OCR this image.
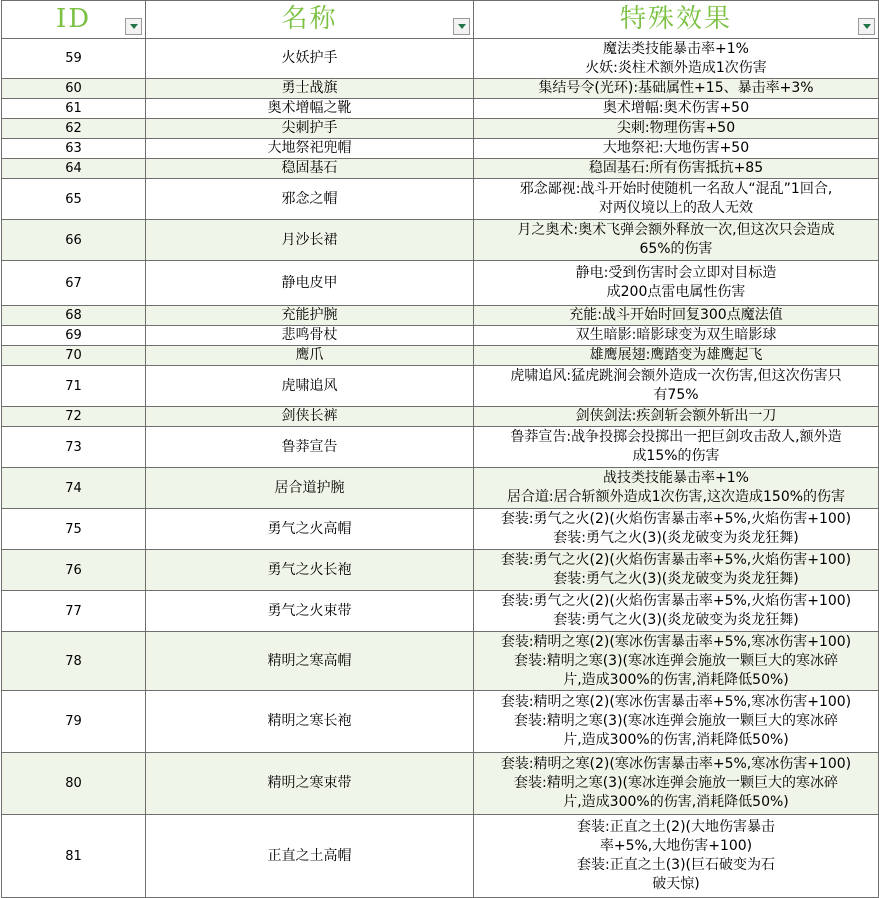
ID	名称	特殊效果

59	火妖护手	魔法类技能暴击率+1%
火妖:炎柱术额外造成1次伤害

60	勇士战旗	集结号令(光环):基础属性+15、暴击率+3%

61	奥术增幅之靴	奥术增幅:奥术伤害+50

62	尖刺护手	尖刺:物理伤害+50

63	大地祭祀兜帽	大地祭祀:大地伤害+50

64	稳固基石	稳固基石:所有伤害抵抗+85

65	邪念之帽	邪念鄙视:战斗开始时使随机一名敌人“混乱”1回合,
对两仪境以上的敌人无效

66	月沙长裙	月之奥术:奥术飞弹会额外释放一次,但这次只会造成
65%的伤害

67	静电皮甲	静电:受到伤害时会立即对目标造
成200点雷电属性伤害

68	充能护腕	充能:战斗开始时回复300点魔法值

69	悲鸣骨杖	双生暗影:暗影球变为双生暗影球

70	鹰爪	雄鹰展翅:鹰踏变为雄鹰起飞

71	虎啸追风	虎啸追风:猛虎跳涧会额外造成一次伤害,但这次伤害只
有75%

72	剑侠长裤	剑侠剑法:疾剑斩会额外斩出一刀

73	鲁莽宣告	鲁莽宣告:战争投掷会投掷出一把巨剑攻击敌人,额外造
成15%的伤害

74	居合道护腕	战技类技能暴击率+1%
居合道:居合斩额外造成1次伤害,这次造成150%的伤害

75	勇气之火高帽	套装:勇气之火(2)(火焰伤害暴击率+5%,火焰伤害+100)
套装:勇气之火(3)(炎龙破变为炎龙狂舞)

76	勇气之火长袍	套装:勇气之火(2)(火焰伤害暴击率+5%,火焰伤害+100)
套装:勇气之火(3)(炎龙破变为炎龙狂舞)

77	勇气之火束带	套装:勇气之火(2)(火焰伤害暴击率+5%,火焰伤害+100)
套装:勇气之火(3)(炎龙破变为炎龙狂舞)

78	精明之寒高帽	套装:精明之寒(2)(寒冰伤害暴击率+5%,寒冰伤害+100)
套装:精明之寒(3)(寒冰连弹会施放一颗巨大的寒冰碎
片,造成300%的伤害,消耗降低50%)

79	精明之寒长袍	套装:精明之寒(2)(寒冰伤害暴击率+5%,寒冰伤害+100)
套装:精明之寒(3)(寒冰连弹会施放一颗巨大的寒冰碎
片,造成300%的伤害,消耗降低50%)

80	精明之寒束带	套装:精明之寒(2)(寒冰伤害暴击率+5%,寒冰伤害+100)
套装:精明之寒(3)(寒冰连弹会施放一颗巨大的寒冰碎
片,造成300%的伤害,消耗降低50%)

81	正直之土高帽	套装:正直之土(2)(大地伤害暴击
率+5%,大地伤害+100)
套装:正直之土(3)(巨石破变为石
破天惊)
